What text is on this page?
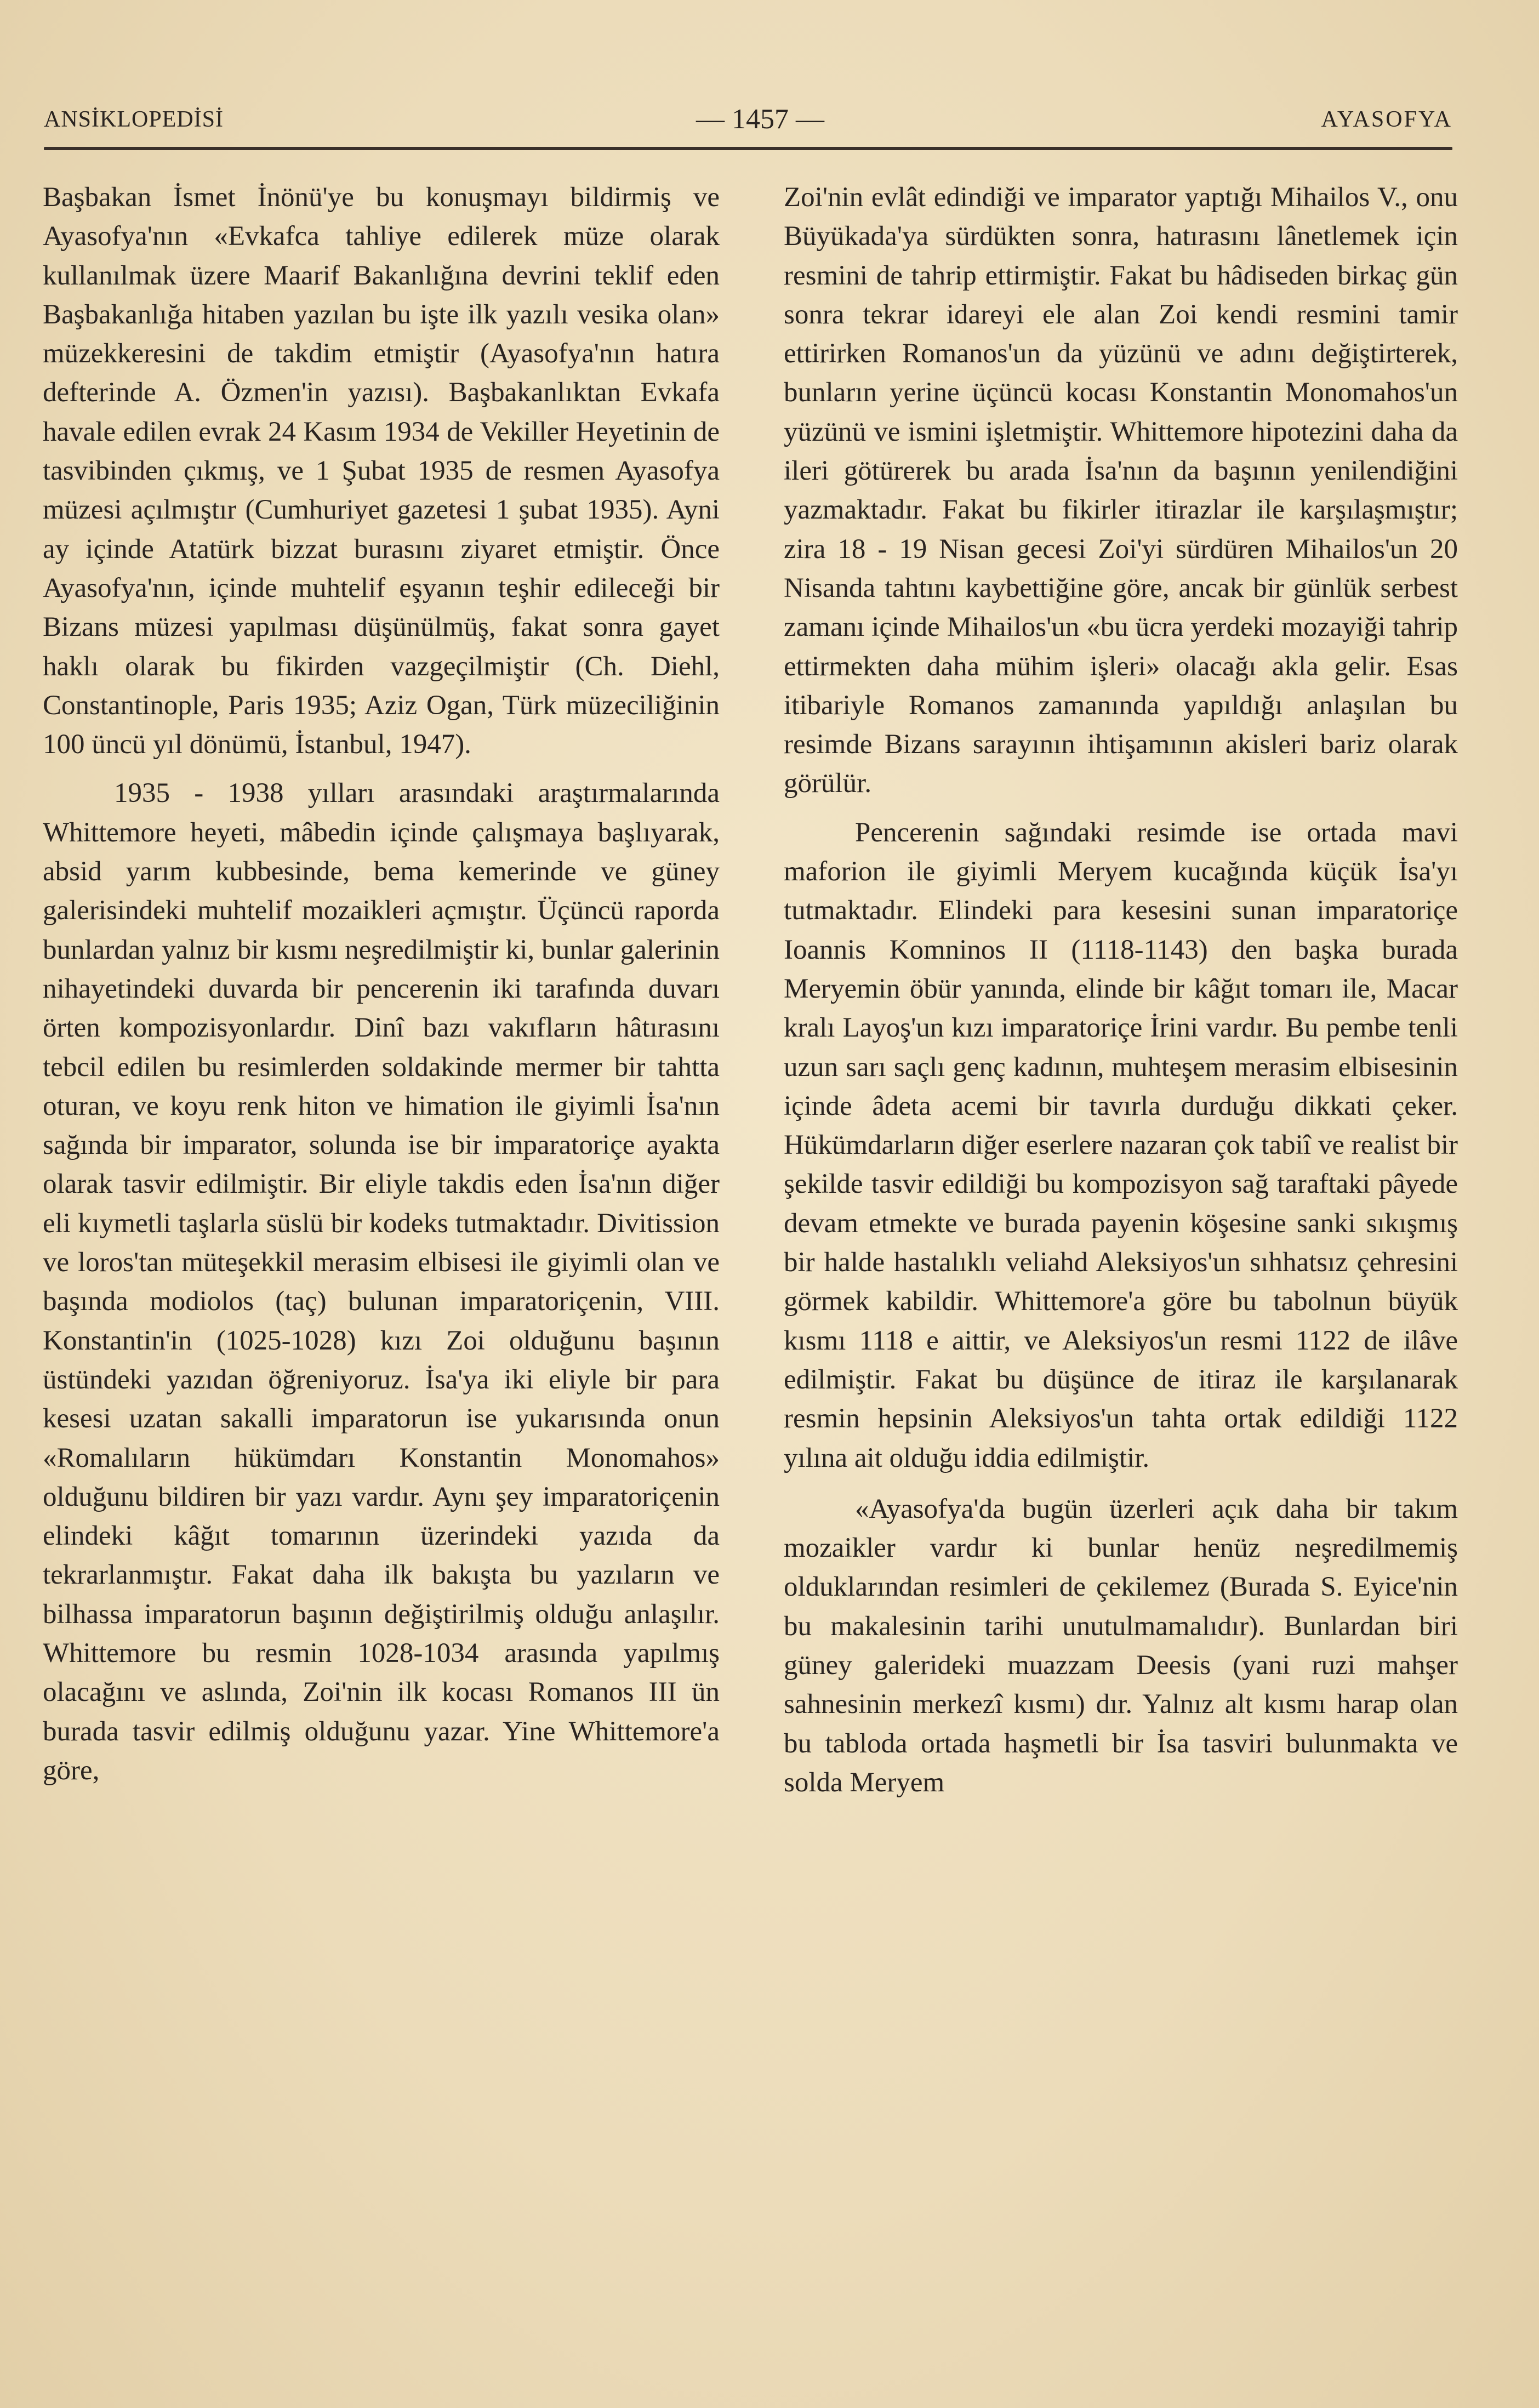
ANSİKLOPEDİSİ	— 1457 —	AYASOFYA

Başbakan İsmet İnönü'ye bu konuşmayı bildirmiş ve Ayasofya'nın «Evkafca tahliye edilerek müze olarak kullanılmak üzere Maarif Bakanlığına devrini teklif eden Başbakanlığa hitaben yazılan bu işte ilk yazılı vesika olan» müzekkeresini de takdim etmiştir (Ayasofya'nın hatıra defterinde A. Özmen'in yazısı). Başbakanlıktan Evkafa havale edilen evrak 24 Kasım 1934 de Vekiller Heyetinin de tasvibinden çıkmış, ve 1 Şubat 1935 de resmen Ayasofya müzesi açılmıştır (Cumhuriyet gazetesi 1 şubat 1935). Ayni ay içinde Atatürk bizzat burasını ziyaret etmiştir. Önce Ayasofya'nın, içinde muhtelif eşyanın teşhir edileceği bir Bizans müzesi yapılması düşünülmüş, fakat sonra gayet haklı olarak bu fikirden vazgeçilmiştir (Ch. Diehl, Constantinople, Paris 1935; Aziz Ogan, Türk müzeciliğinin 100 üncü yıl dönümü, İstanbul, 1947).

1935 - 1938 yılları arasındaki araştırmalarında Whittemore heyeti, mâbedin içinde çalışmaya başlıyarak, absid yarım kubbesinde, bema kemerinde ve güney galerisindeki muhtelif mozaikleri açmıştır. Üçüncü raporda bunlardan yalnız bir kısmı neşredilmiştir ki, bunlar galerinin nihayetindeki duvarda bir pencerenin iki tarafında duvarı örten kompozisyonlardır. Dinî bazı vakıfların hâtırasını tebcil edilen bu resimlerden soldakinde mermer bir tahtta oturan, ve koyu renk hiton ve himation ile giyimli İsa'nın sağında bir imparator, solunda ise bir imparatoriçe ayakta olarak tasvir edilmiştir. Bir eliyle takdis eden İsa'nın diğer eli kıymetli taşlarla süslü bir kodeks tutmaktadır. Divitission ve loros'tan müteşekkil merasim elbisesi ile giyimli olan ve başında modiolos (taç) bulunan imparatoriçenin, VIII. Konstantin'in (1025-1028) kızı Zoi olduğunu başının üstündeki yazıdan öğreniyoruz. İsa'ya iki eliyle bir para kesesi uzatan sakalli imparatorun ise yukarısında onun «Romalıların hükümdarı Konstantin Monomahos» olduğunu bildiren bir yazı vardır. Aynı şey imparatoriçenin elindeki kâğıt tomarının üzerindeki yazıda da tekrarlanmıştır. Fakat daha ilk bakışta bu yazıların ve bilhassa imparatorun başının değiştirilmiş olduğu anlaşılır. Whittemore bu resmin 1028-1034 arasında yapılmış olacağını ve aslında, Zoi'nin ilk kocası Romanos III ün burada tasvir edilmiş olduğunu yazar. Yine Whittemore'a göre,

Zoi'nin evlât edindiği ve imparator yaptığı Mihailos V., onu Büyükada'ya sürdükten sonra, hatırasını lânetlemek için resmini de tahrip ettirmiştir. Fakat bu hâdiseden birkaç gün sonra tekrar idareyi ele alan Zoi kendi resmini tamir ettirirken Romanos'un da yüzünü ve adını değiştirterek, bunların yerine üçüncü kocası Konstantin Monomahos'un yüzünü ve ismini işletmiştir. Whittemore hipotezini daha da ileri götürerek bu arada İsa'nın da başının yenilendiğini yazmaktadır. Fakat bu fikirler itirazlar ile karşılaşmıştır; zira 18 - 19 Nisan gecesi Zoi'yi sürdüren Mihailos'un 20 Nisanda tahtını kaybettiğine göre, ancak bir günlük serbest zamanı içinde Mihailos'un «bu ücra yerdeki mozayiği tahrip ettirmekten daha mühim işleri» olacağı akla gelir. Esas itibariyle Romanos zamanında yapıldığı anlaşılan bu resimde Bizans sarayının ihtişamının akisleri bariz olarak görülür.

Pencerenin sağındaki resimde ise ortada mavi maforion ile giyimli Meryem kucağında küçük İsa'yı tutmaktadır. Elindeki para kesesini sunan imparatoriçe Ioannis Komninos II (1118-1143) den başka burada Meryemin öbür yanında, elinde bir kâğıt tomarı ile, Macar kralı Layoş'un kızı imparatoriçe İrini vardır. Bu pembe tenli uzun sarı saçlı genç kadının, muhteşem merasim elbisesinin içinde âdeta acemi bir tavırla durduğu dikkati çeker. Hükümdarların diğer eserlere nazaran çok tabiî ve realist bir şekilde tasvir edildiği bu kompozisyon sağ taraftaki pâyede devam etmekte ve burada payenin köşesine sanki sıkışmış bir halde hastalıklı veliahd Aleksiyos'un sıhhatsız çehresini görmek kabildir. Whittemore'a göre bu tabolnun büyük kısmı 1118 e aittir, ve Aleksiyos'un resmi 1122 de ilâve edilmiştir. Fakat bu düşünce de itiraz ile karşılanarak resmin hepsinin Aleksiyos'un tahta ortak edildiği 1122 yılına ait olduğu iddia edilmiştir.

«Ayasofya'da bugün üzerleri açık daha bir takım mozaikler vardır ki bunlar henüz neşredilmemiş olduklarından resimleri de çekilemez (Burada S. Eyice'nin bu makalesinin tarihi unutulmamalıdır). Bunlardan biri güney galerideki muazzam Deesis (yani ruzi mahşer sahnesinin merkezî kısmı) dır. Yalnız alt kısmı harap olan bu tabloda ortada haşmetli bir İsa tasviri bulunmakta ve solda Meryem
